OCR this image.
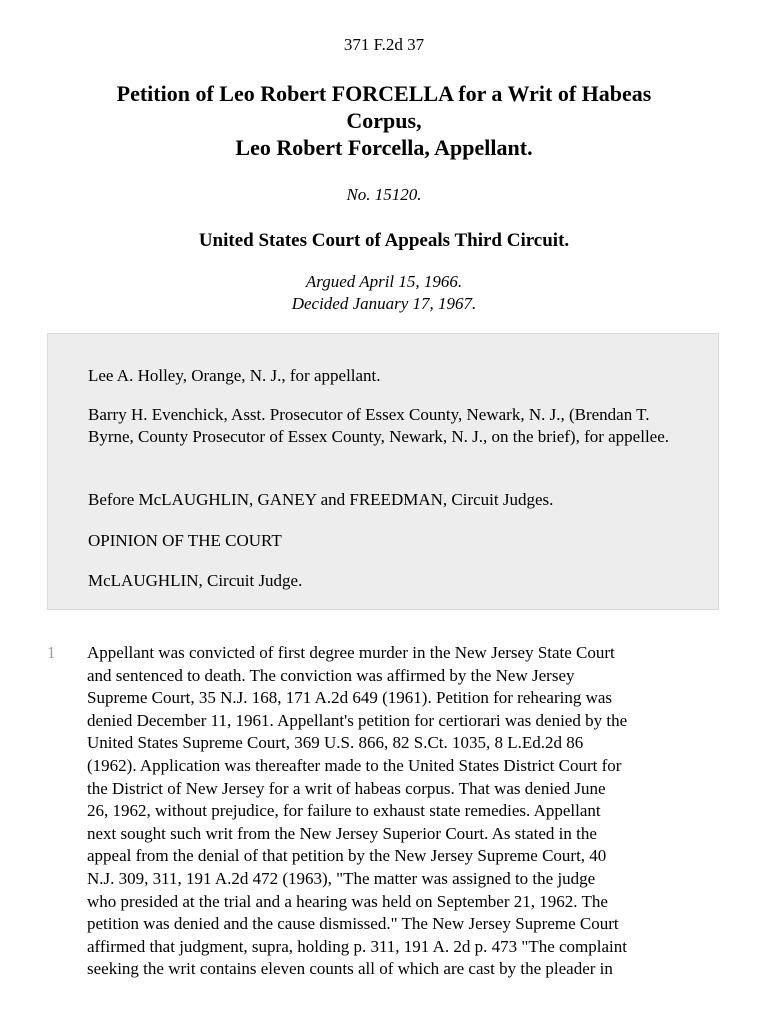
371 F.2d 37
Petition of Leo Robert FORCELLA for a Writ of Habeas
Corpus,
Leo Robert Forcella, Appellant.
No. 15120.
United States Court of Appeals Third Circuit.
Argued April 15, 1966.
Decided January 17, 1967.

Lee A. Holley, Orange, N. J., for appellant.

Barry H. Evenchick, Asst. Prosecutor of Essex County, Newark, N. J., (Brendan T. Byrne, County Prosecutor of Essex County, Newark, N. J., on the brief), for appellee.

Before McLAUGHLIN, GANEY and FREEDMAN, Circuit Judges.

OPINION OF THE COURT

McLAUGHLIN, Circuit Judge.

1 Appellant was convicted of first degree murder in the New Jersey State Court
and sentenced to death. The conviction was affirmed by the New Jersey
Supreme Court, 35 N.J. 168, 171 A.2d 649 (1961). Petition for rehearing was
denied December 11, 1961. Appellant's petition for certiorari was denied by the
United States Supreme Court, 369 U.S. 866, 82 S.Ct. 1035, 8 L.Ed.2d 86
(1962). Application was thereafter made to the United States District Court for
the District of New Jersey for a writ of habeas corpus. That was denied June
26, 1962, without prejudice, for failure to exhaust state remedies. Appellant
next sought such writ from the New Jersey Superior Court. As stated in the
appeal from the denial of that petition by the New Jersey Supreme Court, 40
N.J. 309, 311, 191 A.2d 472 (1963), "The matter was assigned to the judge
who presided at the trial and a hearing was held on September 21, 1962. The
petition was denied and the cause dismissed." The New Jersey Supreme Court
affirmed that judgment, supra, holding p. 311, 191 A. 2d p. 473 "The complaint
seeking the writ contains eleven counts all of which are cast by the pleader in
